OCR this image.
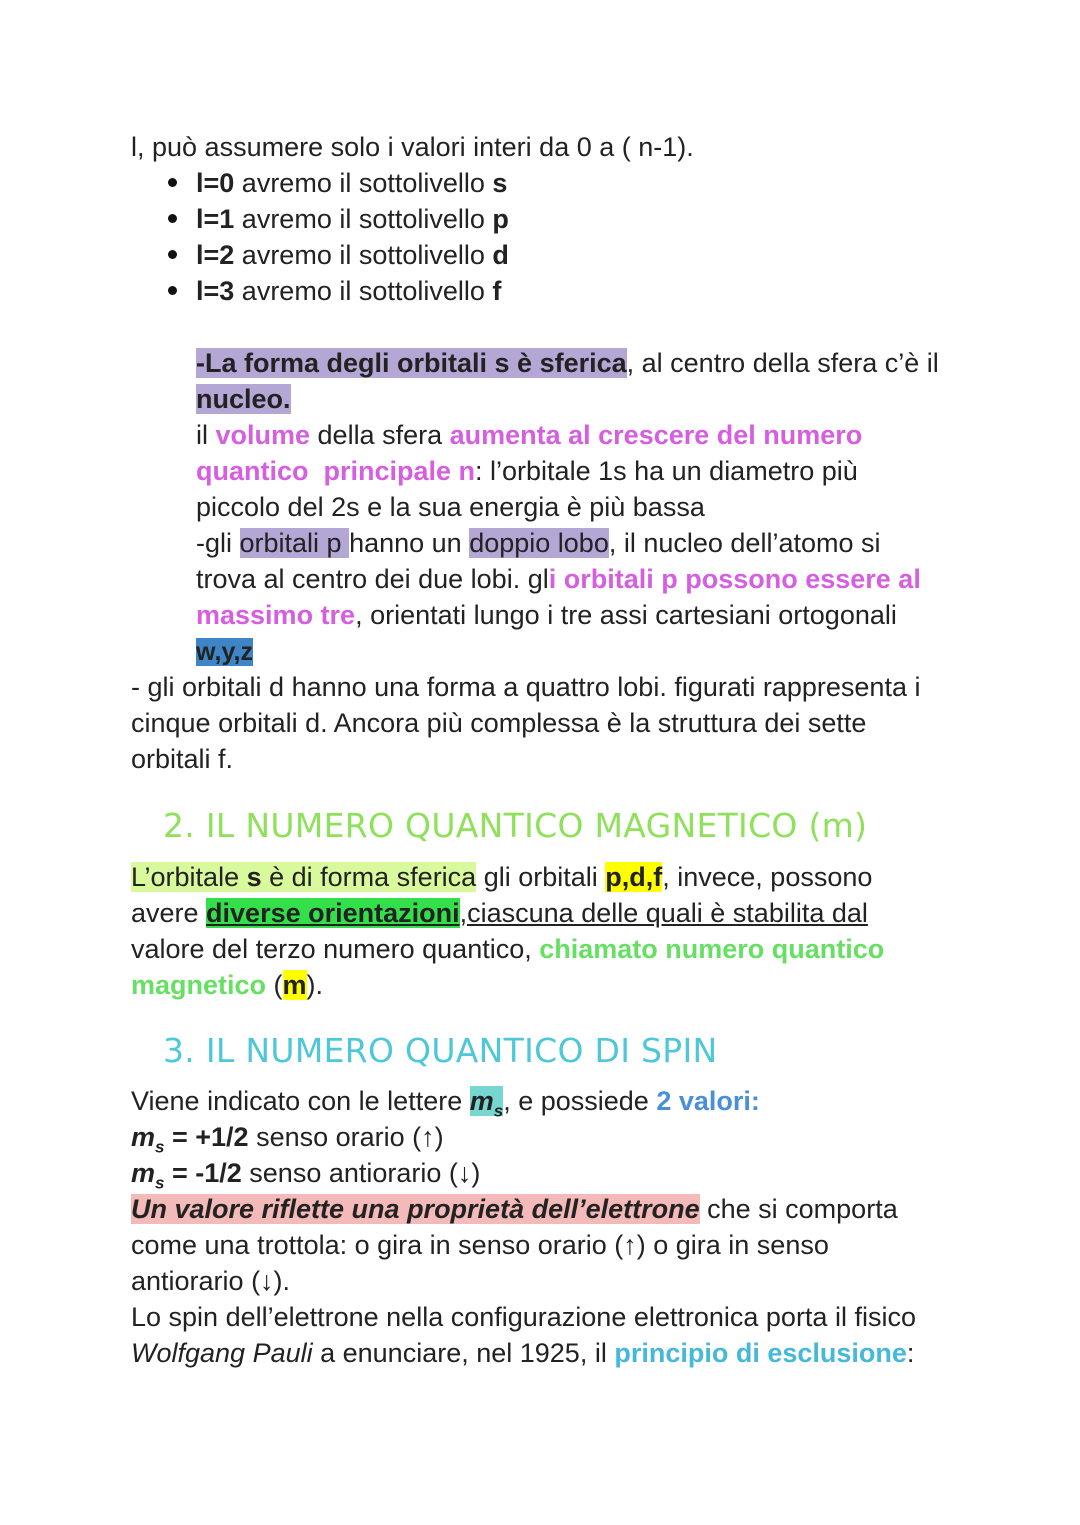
l, può assumere solo i valori interi da 0 a ( n-1).
l=0 avremo il sottolivello s
l=1 avremo il sottolivello p
l=2 avremo il sottolivello d
l=3 avremo il sottolivello f
-La forma degli orbitali s è sferica, al centro della sfera c’è il
nucleo.
il volume della sfera aumenta al crescere del numero
quantico  principale n: l’orbitale 1s ha un diametro più
piccolo del 2s e la sua energia è più bassa
-gli orbitali p hanno un doppio lobo, il nucleo dell’atomo si
trova al centro dei due lobi. gli orbitali p possono essere al
massimo tre, orientati lungo i tre assi cartesiani ortogonali
w,y,z
- gli orbitali d hanno una forma a quattro lobi. figurati rappresenta i
cinque orbitali d. Ancora più complessa è la struttura dei sette
orbitali f.
2. IL NUMERO QUANTICO MAGNETICO (m)
L’orbitale s è di forma sferica gli orbitali p,d,f, invece, possono
avere diverse orientazioni,ciascuna delle quali è stabilita dal
valore del terzo numero quantico, chiamato numero quantico
magnetico (m).
3. IL NUMERO QUANTICO DI SPIN
Viene indicato con le lettere $m_s$, e possiede 2 valori:
$m_s = +1/2$ senso orario (↑)
$m_s = -1/2$ senso antiorario (↓)
Un valore riflette una proprietà dell’elettrone che si comporta
come una trottola: o gira in senso orario (↑) o gira in senso
antiorario (↓).
Lo spin dell’elettrone nella configurazione elettronica porta il fisico
Wolfgang Pauli a enunciare, nel 1925, il principio di esclusione:
